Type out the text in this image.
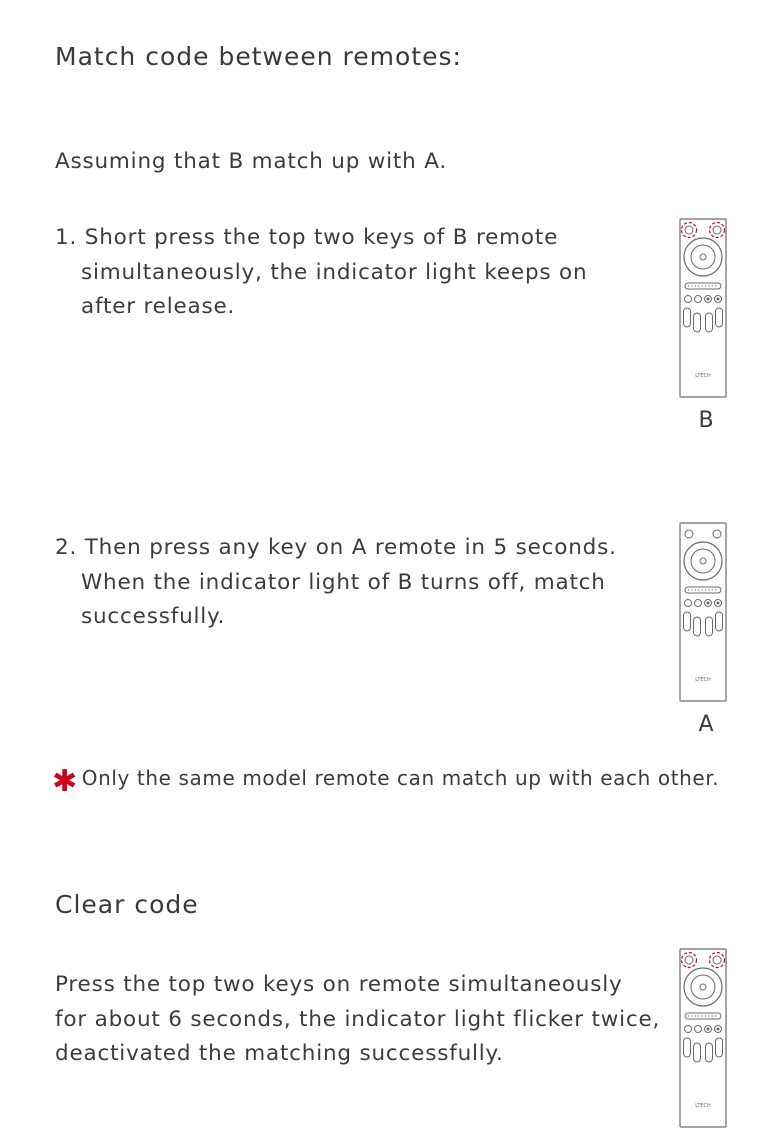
Match code between remotes:

Assuming that B match up with A.

1. Short press the top two keys of B remote
simultaneously, the indicator light keeps on
after release.

LTECH
B

2. Then press any key on A remote in 5 seconds.
When the indicator light of B turns off, match
successfully.

LTECH
A
✱ Only the same model remote can match up with each other.
Clear code

Press the top two keys on remote simultaneously
for about 6 seconds, the indicator light flicker twice,
deactivated the matching successfully.

LTECH
